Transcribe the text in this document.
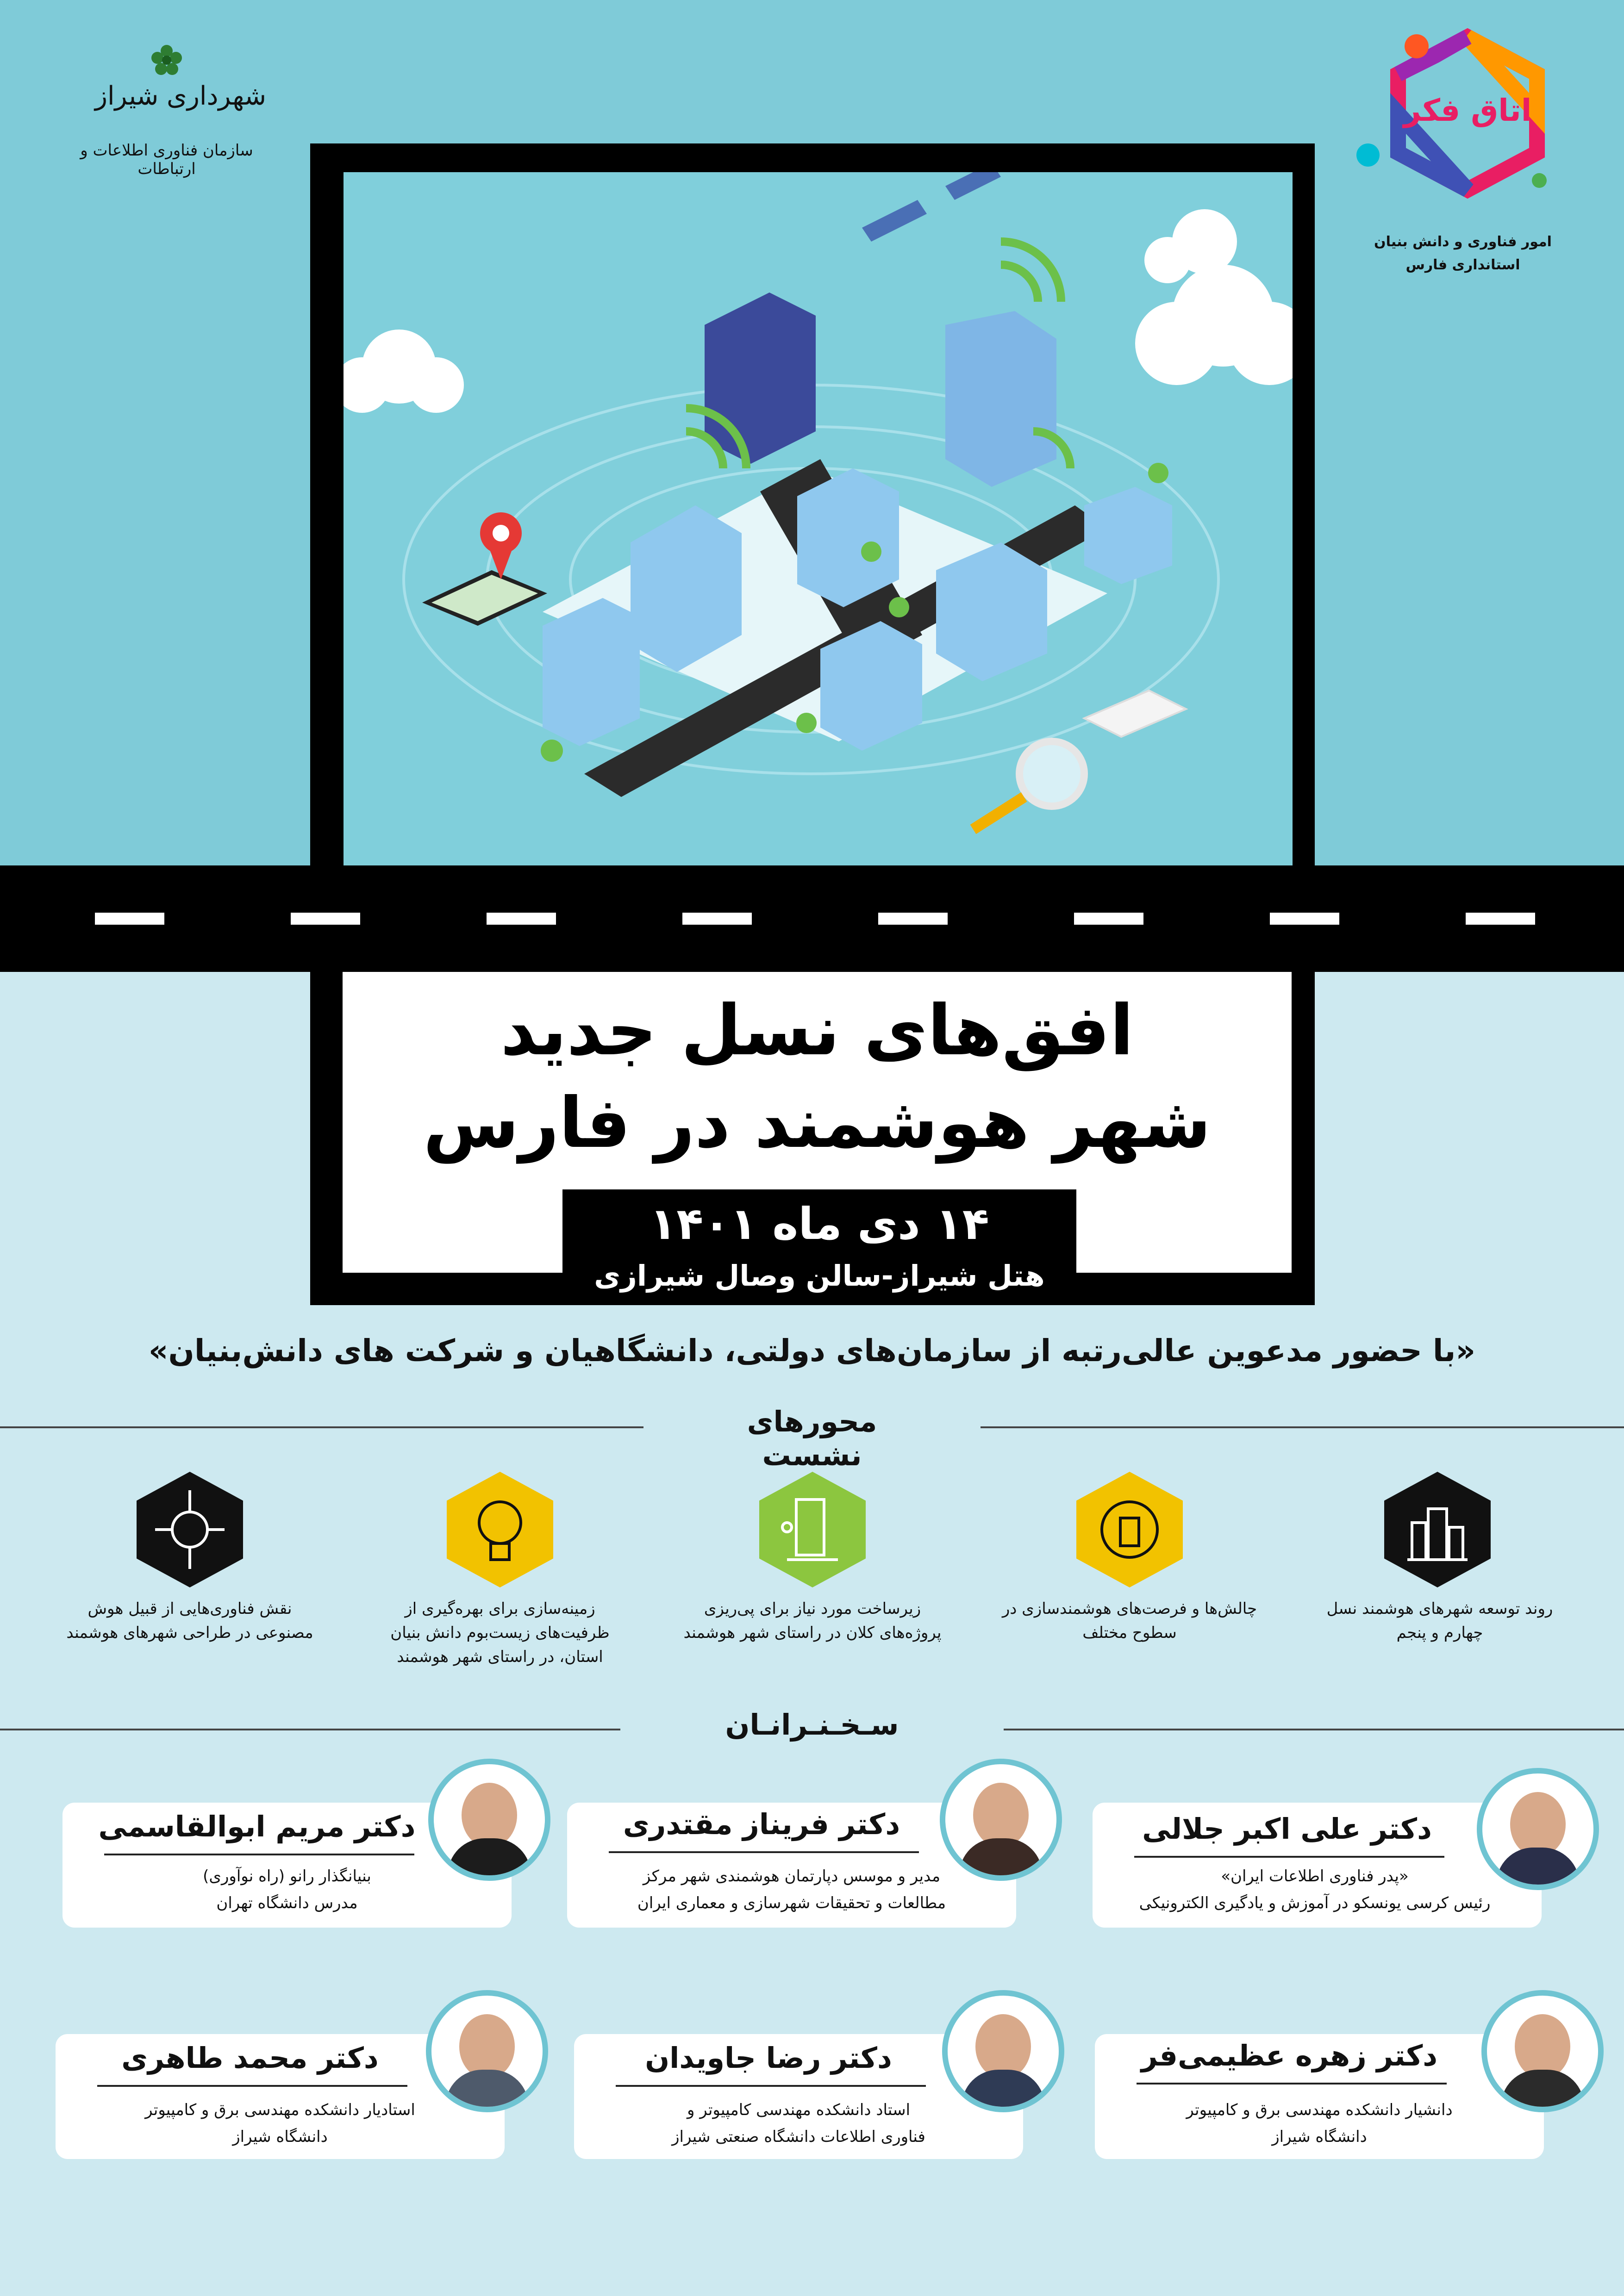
شهرداری شیراز
سازمان فناوری اطلاعات و ارتباطات
اتاق فکر
امور فناوری و دانش بنیان
استانداری فارس
افق‌های نسل جدید
شهر هوشمند در فارس
۱۴ دی ماه ۱۴۰۱
هتل شیراز-سالن وصال شیرازی
«با حضور مدعوین عالی‌رتبه از سازمان‌های دولتی، دانشگاهیان و شرکت های دانش‌بنیان»
محورهای نشست
روند توسعه شهرهای هوشمند نسل چهارم و پنجم
چالش‌ها و فرصت‌های هوشمندسازی در سطوح مختلف
زیرساخت مورد نیاز برای پی‌ریزی پروژه‌های کلان در راستای شهر هوشمند
زمینه‌سازی برای بهره‌گیری از ظرفیت‌های زیست‌بوم دانش بنیان استان، در راستای شهر هوشمند
نقش فناوری‌هایی از قبیل هوش مصنوعی در طراحی شهرهای هوشمند
سـخـنـرانـان
دکتر علی اکبر جلالی
«پدر فناوری اطلاعات ایران»
رئیس کرسی یونسکو در آموزش و یادگیری الکترونیکی
دکتر فریناز مقتدری
مدیر و موسس دپارتمان هوشمندی شهر مرکز
مطالعات و تحقیقات شهرسازی و معماری ایران
دکتر مریم ابوالقاسمی
بنیانگذار رانو (راه نوآوری)
مدرس دانشگاه تهران
دکتر زهره عظیمی‌فر
دانشیار دانشکده مهندسی برق و کامپیوتر
دانشگاه شیراز
دکتر رضا جاویدان
استاد دانشکده مهندسی کامپیوتر و
فناوری اطلاعات دانشگاه صنعتی شیراز
دکتر محمد طاهری
استادیار دانشکده مهندسی برق و کامپیوتر
دانشگاه شیراز
